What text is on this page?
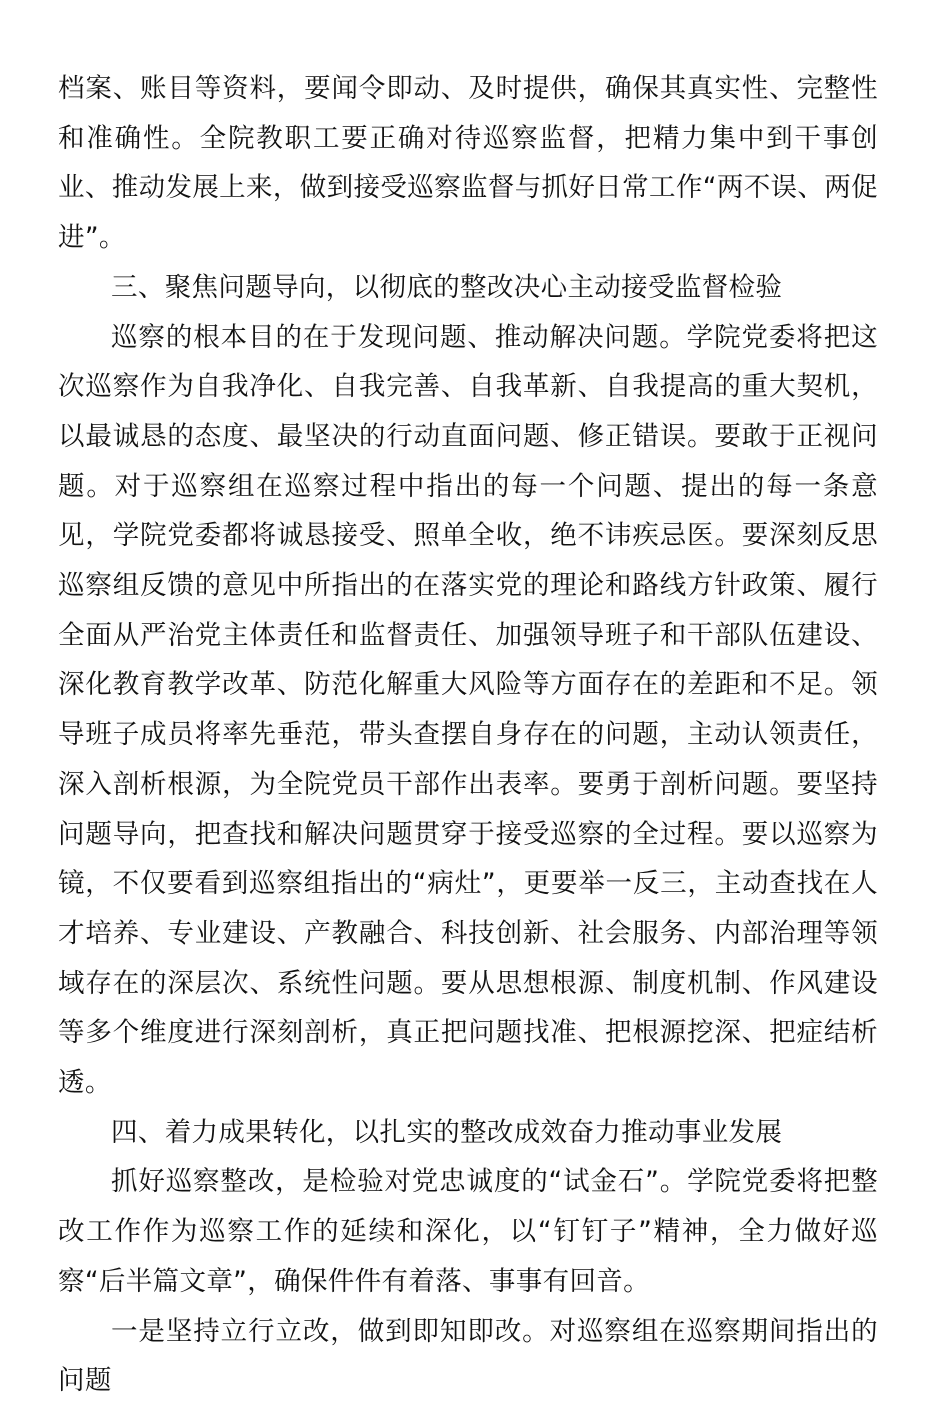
档案、账目等资料，要闻令即动、及时提供，确保其真实性、完整性和准确性。全院教职工要正确对待巡察监督，把精力集中到干事创业、推动发展上来，做到接受巡察监督与抓好日常工作“两不误、两促进”。

三、聚焦问题导向，以彻底的整改决心主动接受监督检验

巡察的根本目的在于发现问题、推动解决问题。学院党委将把这次巡察作为自我净化、自我完善、自我革新、自我提高的重大契机，以最诚恳的态度、最坚决的行动直面问题、修正错误。要敢于正视问题。对于巡察组在巡察过程中指出的每一个问题、提出的每一条意见，学院党委都将诚恳接受、照单全收，绝不讳疾忌医。要深刻反思巡察组反馈的意见中所指出的在落实党的理论和路线方针政策、履行全面从严治党主体责任和监督责任、加强领导班子和干部队伍建设、深化教育教学改革、防范化解重大风险等方面存在的差距和不足。领导班子成员将率先垂范，带头查摆自身存在的问题，主动认领责任，深入剖析根源，为全院党员干部作出表率。要勇于剖析问题。要坚持问题导向，把查找和解决问题贯穿于接受巡察的全过程。要以巡察为镜，不仅要看到巡察组指出的“病灶”，更要举一反三，主动查找在人才培养、专业建设、产教融合、科技创新、社会服务、内部治理等领域存在的深层次、系统性问题。要从思想根源、制度机制、作风建设等多个维度进行深刻剖析，真正把问题找准、把根源挖深、把症结析透。

四、着力成果转化，以扎实的整改成效奋力推动事业发展

抓好巡察整改，是检验对党忠诚度的“试金石”。学院党委将把整改工作作为巡察工作的延续和深化，以“钉钉子”精神，全力做好巡察“后半篇文章”，确保件件有着落、事事有回音。

一是坚持立行立改，做到即知即改。对巡察组在巡察期间指出的问题
